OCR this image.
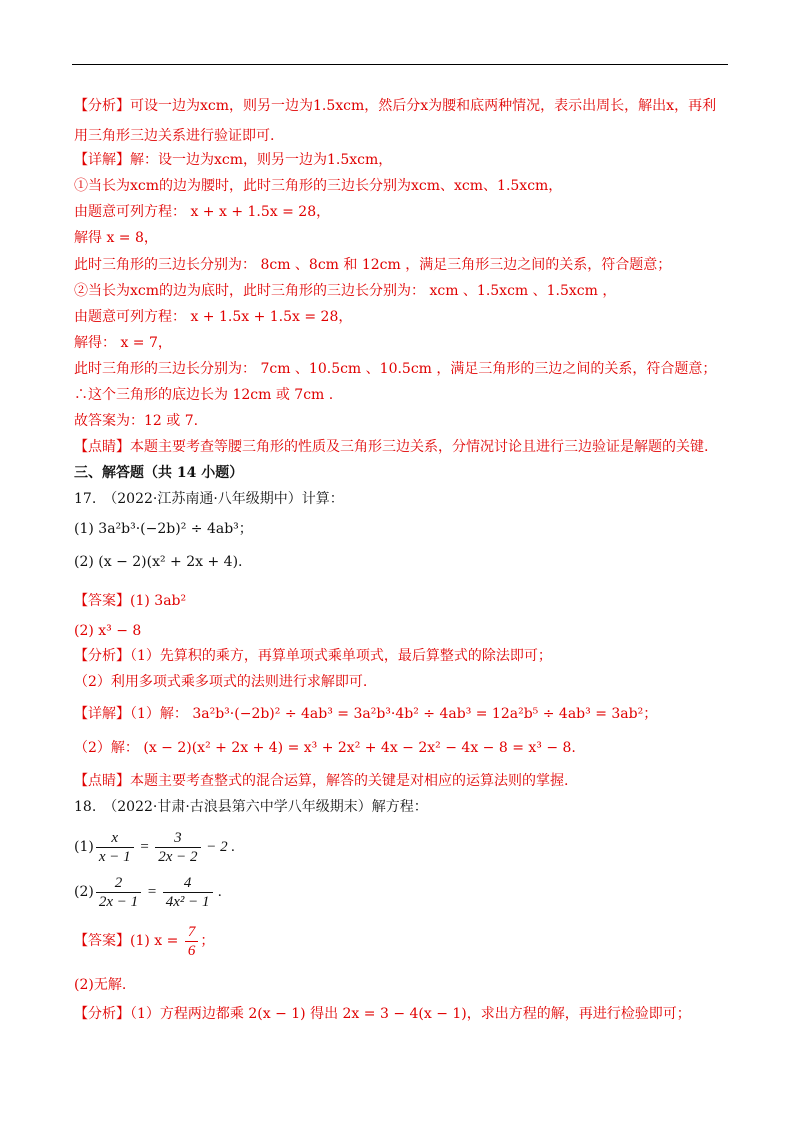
【分析】可设一边为xcm，则另一边为1.5xcm，然后分x为腰和底两种情况，表示出周长，解出x，再利
用三角形三边关系进行验证即可.
【详解】解：设一边为xcm，则另一边为1.5xcm，
①当长为xcm的边为腰时，此时三角形的三边长分别为xcm、xcm、1.5xcm，
由题意可列方程： x + x + 1.5x = 28，
解得 x = 8，
此时三角形的三边长分别为： 8cm 、8cm 和 12cm ，满足三角形三边之间的关系，符合题意；
②当长为xcm的边为底时，此时三角形的三边长分别为： xcm 、1.5xcm 、1.5xcm ，
由题意可列方程： x + 1.5x + 1.5x = 28，
解得： x = 7，
此时三角形的三边长分别为： 7cm 、10.5cm 、10.5cm ，满足三角形的三边之间的关系，符合题意；
∴这个三角形的底边长为 12cm 或 7cm .
故答案为：12 或 7.
【点睛】本题主要考查等腰三角形的性质及三角形三边关系，分情况讨论且进行三边验证是解题的关键.
三、解答题（共 14 小题）
17.　（2022·江苏南通·八年级期中）计算：
(1) 3a²b³·(−2b)² ÷ 4ab³；
(2) (x − 2)(x² + 2x + 4).
【答案】(1) 3ab²
(2) x³ − 8
【分析】（1）先算积的乘方，再算单项式乘单项式，最后算整式的除法即可；
（2）利用多项式乘多项式的法则进行求解即可.
【详解】（1）解： 3a²b³·(−2b)² ÷ 4ab³ = 3a²b³·4b² ÷ 4ab³ = 12a²b⁵ ÷ 4ab³ = 3ab²；
（2）解： (x − 2)(x² + 2x + 4) = x³ + 2x² + 4x − 2x² − 4x − 8 = x³ − 8.
【点睛】本题主要考查整式的混合运算，解答的关键是对相应的运算法则的掌握.
18.　（2022·甘肃·古浪县第六中学八年级期末）解方程：
$(1) \frac{x}{x - 1} = \frac{3}{2x - 2} - 2$ .
$(2) \frac{2}{2x - 1} = \frac{4}{\text{4x² − 1}}$ .
【答案】(1) $x = \frac{7}{6}$ ；
(2)无解.
【分析】（1）方程两边都乘 2(x − 1) 得出 2x = 3 − 4(x − 1)，求出方程的解，再进行检验即可；
